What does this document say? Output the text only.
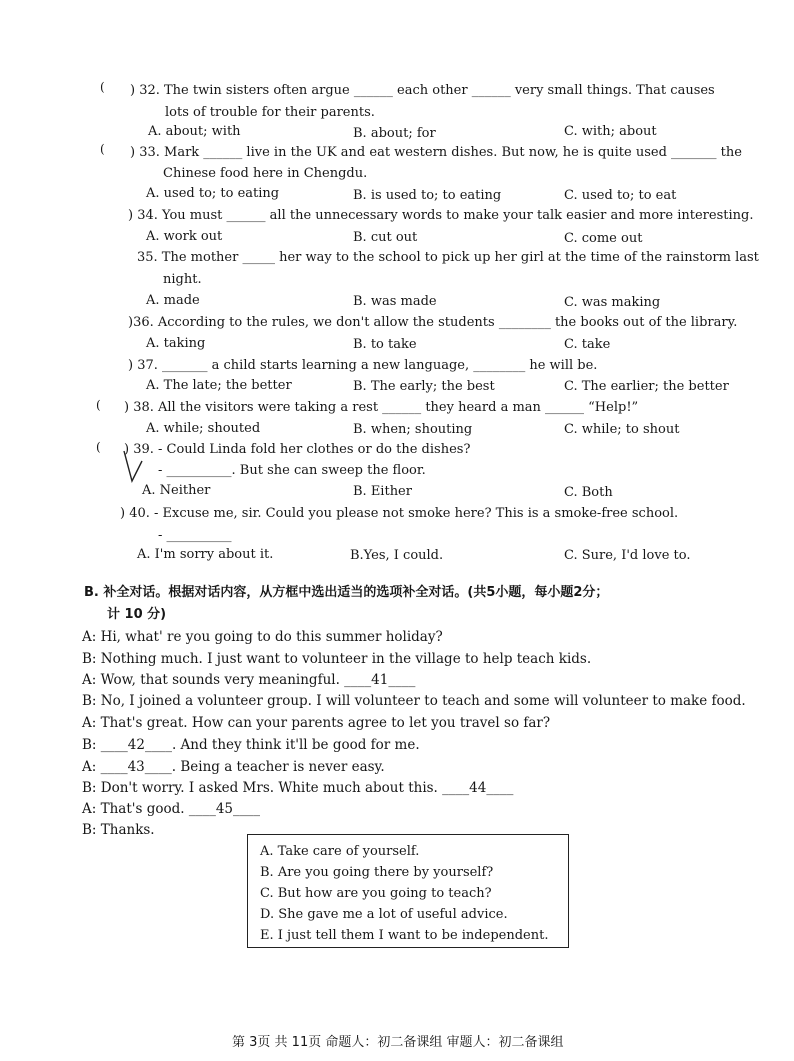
(
(
(
(
) 32. The twin sisters often argue ______ each other ______ very small things. That causes
lots of trouble for their parents.
A. about; with	B. about; for	C. with; about
) 33. Mark ______ live in the UK and eat western dishes. But now, he is quite used _______ the
Chinese food here in Chengdu.
A. used to; to eating	B. is used to; to eating	C. used to; to eat
) 34. You must ______ all the unnecessary words to make your talk easier and more interesting.
A. work out	B. cut out	C. come out
35. The mother _____ her way to the school to pick up her girl at the time of the rainstorm last
night.
A. made	B. was made	C. was making
)36. According to the rules, we don't allow the students ________ the books out of the library.
A. taking	B. to take	C. take
) 37. _______ a child starts learning a new language, ________ he will be.
A. The late; the better	B. The early; the best	C. The earlier; the better
) 38. All the visitors were taking a rest ______ they heard a man ______ “Help!”
A. while; shouted	B. when; shouting	C. while; to shout
) 39. - Could Linda fold her clothes or do the dishes?
- __________. But she can sweep the floor.
A. Neither	B. Either	C. Both
) 40. - Excuse me, sir. Could you please not smoke here? This is a smoke-free school.
- __________
A. I'm sorry about it.	B.Yes, I could.	C. Sure, I'd love to.
B. 补全对话。根据对话内容，从方框中选出适当的选项补全对话。(共5小题，每小题2分；
计 10 分)
A: Hi, what' re you going to do this summer holiday?
B: Nothing much. I just want to volunteer in the village to help teach kids.
A: Wow, that sounds very meaningful. ____41____
B: No, I joined a volunteer group. I will volunteer to teach and some will volunteer to make food.
A: That's great. How can your parents agree to let you travel so far?
B: ____42____. And they think it'll be good for me.
A: ____43____. Being a teacher is never easy.
B: Don't worry. I asked Mrs. White much about this. ____44____
A: That's good. ____45____
B: Thanks.
A. Take care of yourself.
B. Are you going there by yourself?
C. But how are you going to teach?
D. She gave me a lot of useful advice.
E. I just tell them I want to be independent.
第 3页 共 11页 命题人：初二备课组 审题人：初二备课组
